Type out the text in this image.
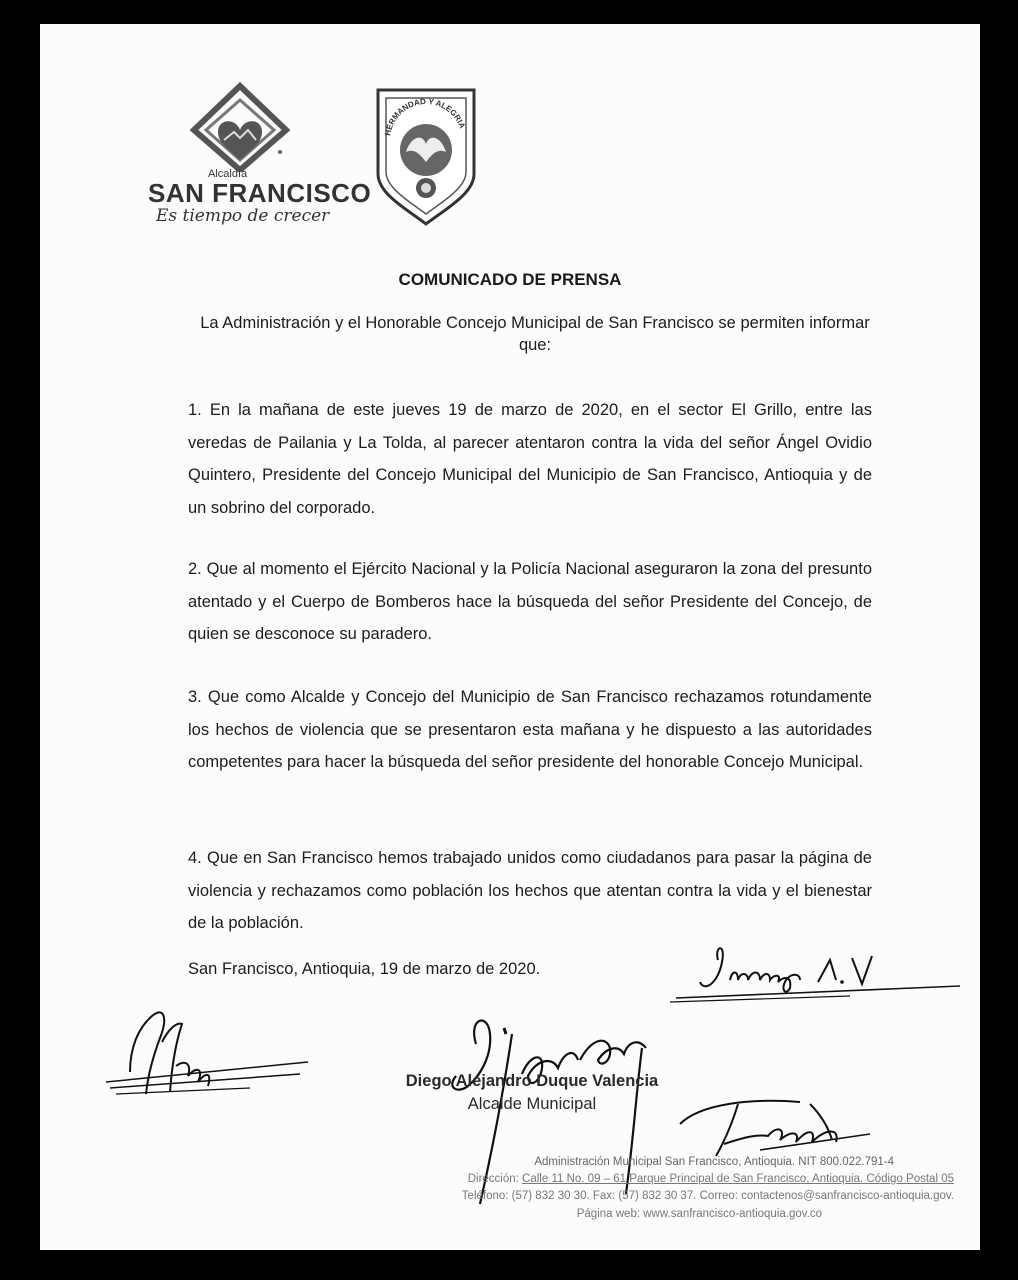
Alcaldía
SAN FRANCISCO
Es tiempo de crecer
HERMANDAD Y ALEGRIA
COMUNICADO DE PRENSA
La Administración y el Honorable Concejo Municipal de San Francisco se permiten informar que:
1. En la mañana de este jueves 19 de marzo de 2020, en el sector El Grillo, entre las veredas de Pailania y La Tolda, al parecer atentaron contra la vida del señor Ángel Ovidio Quintero, Presidente del Concejo Municipal del Municipio de San Francisco, Antioquia y de un sobrino del corporado.
2. Que al momento el Ejército Nacional y la Policía Nacional aseguraron la zona del presunto atentado y el Cuerpo de Bomberos hace la búsqueda del señor Presidente del Concejo, de quien se desconoce su paradero.
3. Que como Alcalde y Concejo del Municipio de San Francisco rechazamos rotundamente los hechos de violencia que se presentaron esta mañana y he dispuesto a las autoridades competentes para hacer la búsqueda del señor presidente del honorable Concejo Municipal.
4. Que en San Francisco hemos trabajado unidos como ciudadanos para pasar la página de violencia y rechazamos como población los hechos que atentan contra la vida y el bienestar de la población.
San Francisco, Antioquia, 19 de marzo de 2020.
Diego Alejandro Duque Valencia
Alcalde Municipal
Administración Municipal San Francisco, Antioquia. NIT 800.022.791-4
Dirección: Calle 11 No. 09 – 61 Parque Principal de San Francisco, Antioquia. Código Postal 05
Teléfono: (57) 832 30 30. Fax: (57) 832 30 37. Correo: contactenos@sanfrancisco-antioquia.gov.
Página web: www.sanfrancisco-antioquia.gov.co
